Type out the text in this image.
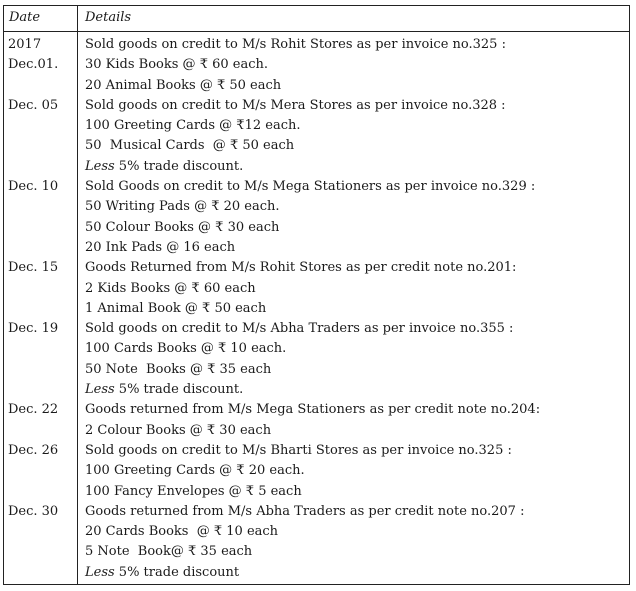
Date	Details
2017	Sold goods on credit to M/s Rohit Stores as per invoice no.325 :
Dec.01.	30 Kids Books @ ₹ 60 each.
20 Animal Books @ ₹ 50 each
Dec. 05	Sold goods on credit to M/s Mera Stores as per invoice no.328 :
100 Greeting Cards @ ₹12 each.
50  Musical Cards  @ ₹ 50 each
Less 5% trade discount.
Dec. 10	Sold Goods on credit to M/s Mega Stationers as per invoice no.329 :
50 Writing Pads @ ₹ 20 each.
50 Colour Books @ ₹ 30 each
20 Ink Pads @ 16 each
Dec. 15	Goods Returned from M/s Rohit Stores as per credit note no.201:
2 Kids Books @ ₹ 60 each
1 Animal Book @ ₹ 50 each
Dec. 19	Sold goods on credit to M/s Abha Traders as per invoice no.355 :
100 Cards Books @ ₹ 10 each.
50 Note  Books @ ₹ 35 each
Less 5% trade discount.
Dec. 22	Goods returned from M/s Mega Stationers as per credit note no.204:
2 Colour Books @ ₹ 30 each
Dec. 26	Sold goods on credit to M/s Bharti Stores as per invoice no.325 :
100 Greeting Cards @ ₹ 20 each.
100 Fancy Envelopes @ ₹ 5 each
Dec. 30	Goods returned from M/s Abha Traders as per credit note no.207 :
20 Cards Books  @ ₹ 10 each
5 Note  Book@ ₹ 35 each
Less 5% trade discount
